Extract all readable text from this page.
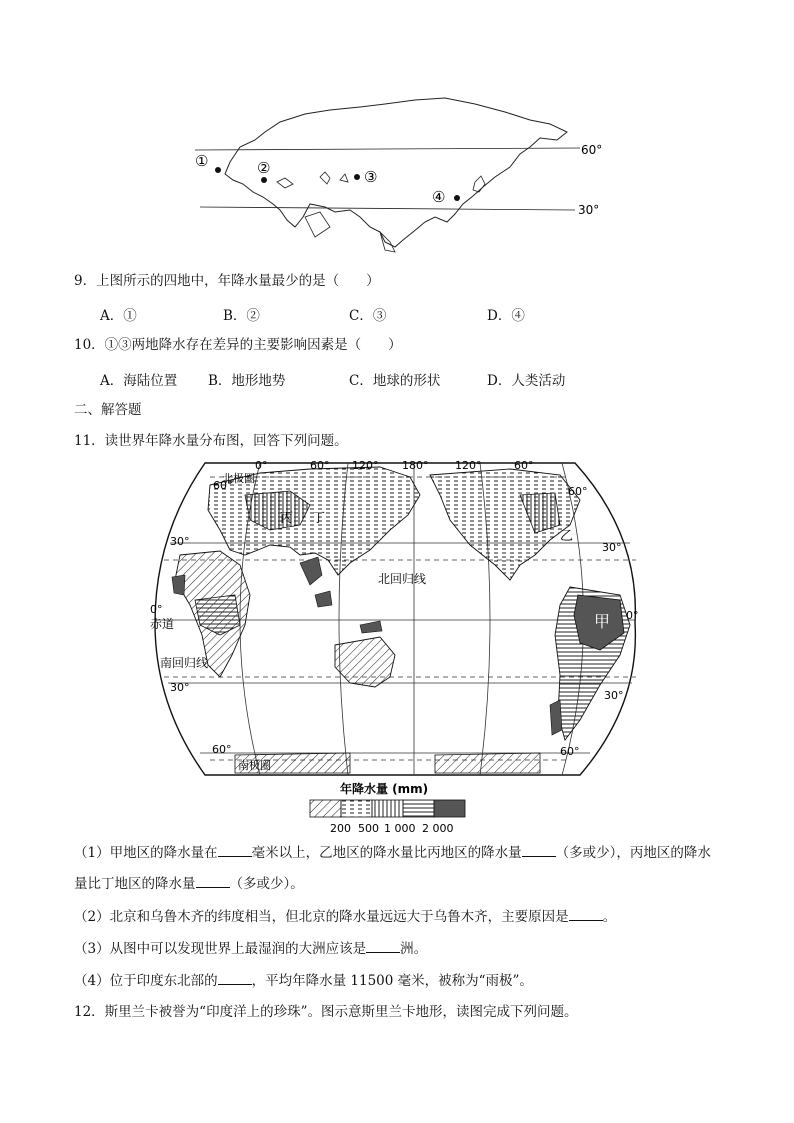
①	②	③
④
60°
30°
9．上图所示的四地中，年降水量最少的是（　　）
A．①	B．②	C．③	D．④
10．①③两地降水存在差异的主要影响因素是（　　）
A．海陆位置 B．地形地势	C．地球的形状	D．人类活动
二、解答题
11．读世界年降水量分布图，回答下列问题。
0°	60° 120° 180° 120°	60°
60°
30°
0°
30°
60°
60°
30°
0°
30°
60°
北极圈
丙 丁
乙
北回归线
赤道
南回归线
南极圈
甲
年降水量 (mm)
200 500 1 000 2 000
（1）甲地区的降水量在	毫米以上，乙地区的降水量比丙地区的降水量	（多或少），丙地区的降水
量比丁地区的降水量	（多或少）。
（2）北京和乌鲁木齐的纬度相当，但北京的降水量远远大于乌鲁木齐，主要原因是	。
（3）从图中可以发现世界上最湿润的大洲应该是	洲。
（4）位于印度东北部的	，平均年降水量 11500 毫米，被称为“雨极”。
12．斯里兰卡被誉为“印度洋上的珍珠”。图示意斯里兰卡地形，读图完成下列问题。
